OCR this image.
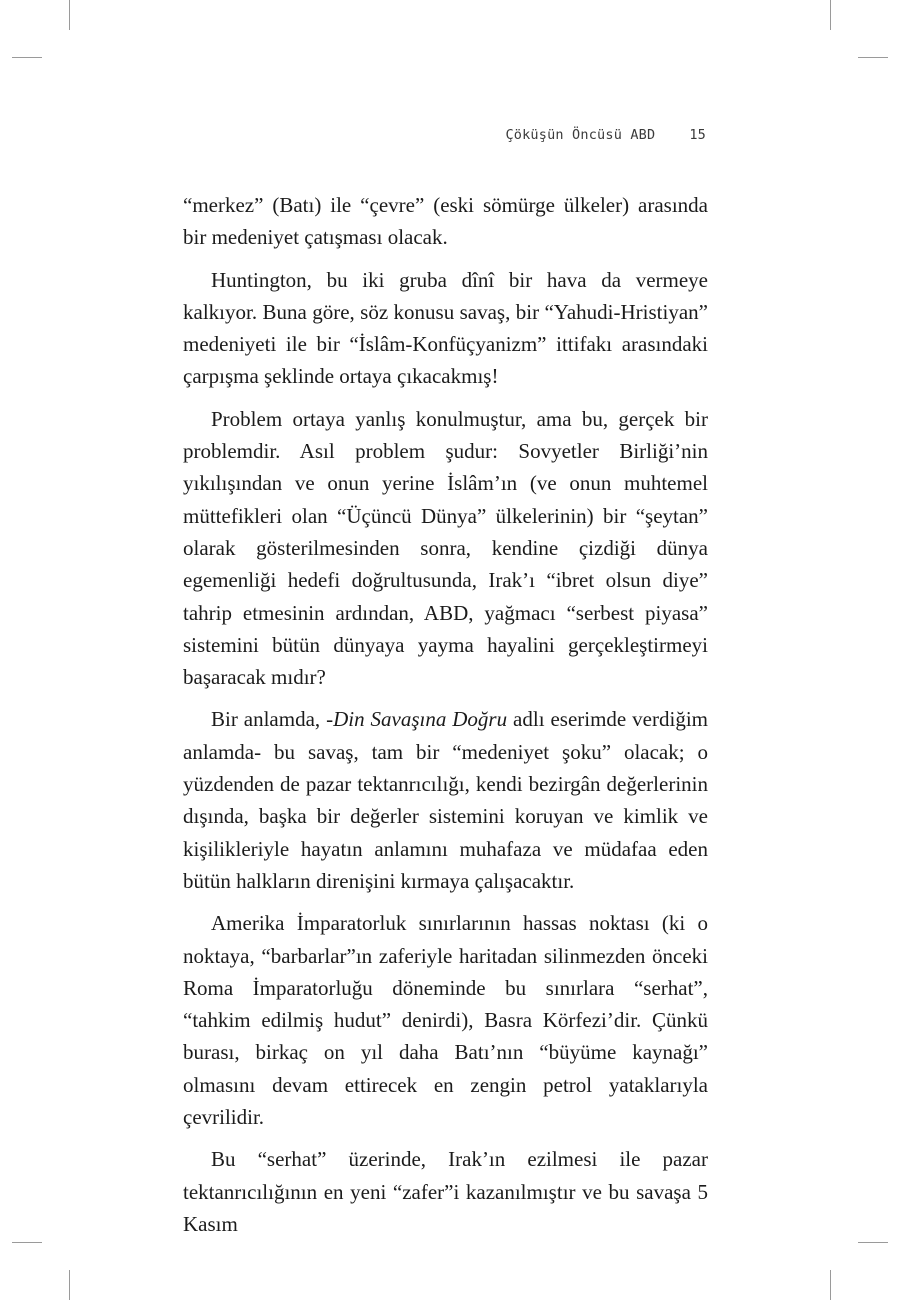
Çöküşün Öncüsü ABD	15

“merkez” (Batı) ile “çevre” (eski sömürge ülkeler) arasında bir medeniyet çatışması olacak.

Huntington, bu iki gruba dînî bir hava da vermeye kalkıyor. Buna göre, söz konusu savaş, bir “Yahudi-Hristiyan” medeniyeti ile bir “İslâm-Konfüçyanizm” ittifakı arasındaki çarpışma şeklinde ortaya çıkacakmış!

Problem ortaya yanlış konulmuştur, ama bu, gerçek bir problemdir. Asıl problem şudur: Sovyetler Birliği’nin yıkılışından ve onun yerine İslâm’ın (ve onun muhtemel müttefikleri olan “Üçüncü Dünya” ülkelerinin) bir “şeytan” olarak gösterilmesinden sonra, kendine çizdiği dünya egemenliği hedefi doğrultusunda, Irak’ı “ibret olsun diye” tahrip etmesinin ardından, ABD, yağmacı “serbest piyasa” sistemini bütün dünyaya yayma hayalini gerçekleştirmeyi başaracak mıdır?

Bir anlamda, -Din Savaşına Doğru adlı eserimde verdiğim anlamda- bu savaş, tam bir “medeniyet şoku” olacak; o yüzdenden de pazar tektanrıcılığı, kendi bezirgân değerlerinin dışında, başka bir değerler sistemini koruyan ve kimlik ve kişilikleriyle hayatın anlamını muhafaza ve müdafaa eden bütün halkların direnişini kırmaya çalışacaktır.

Amerika İmparatorluk sınırlarının hassas noktası (ki o noktaya, “barbarlar”ın zaferiyle haritadan silinmezden önceki Roma İmparatorluğu döneminde bu sınırlara “serhat”, “tahkim edilmiş hudut” denirdi), Basra Körfezi’dir. Çünkü burası, birkaç on yıl daha Batı’nın “büyüme kaynağı” olmasını devam ettirecek en zengin petrol yataklarıyla çevrilidir.

Bu “serhat” üzerinde, Irak’ın ezilmesi ile pazar tektanrıcılığının en yeni “zafer”i kazanılmıştır ve bu savaşa 5 Kasım
